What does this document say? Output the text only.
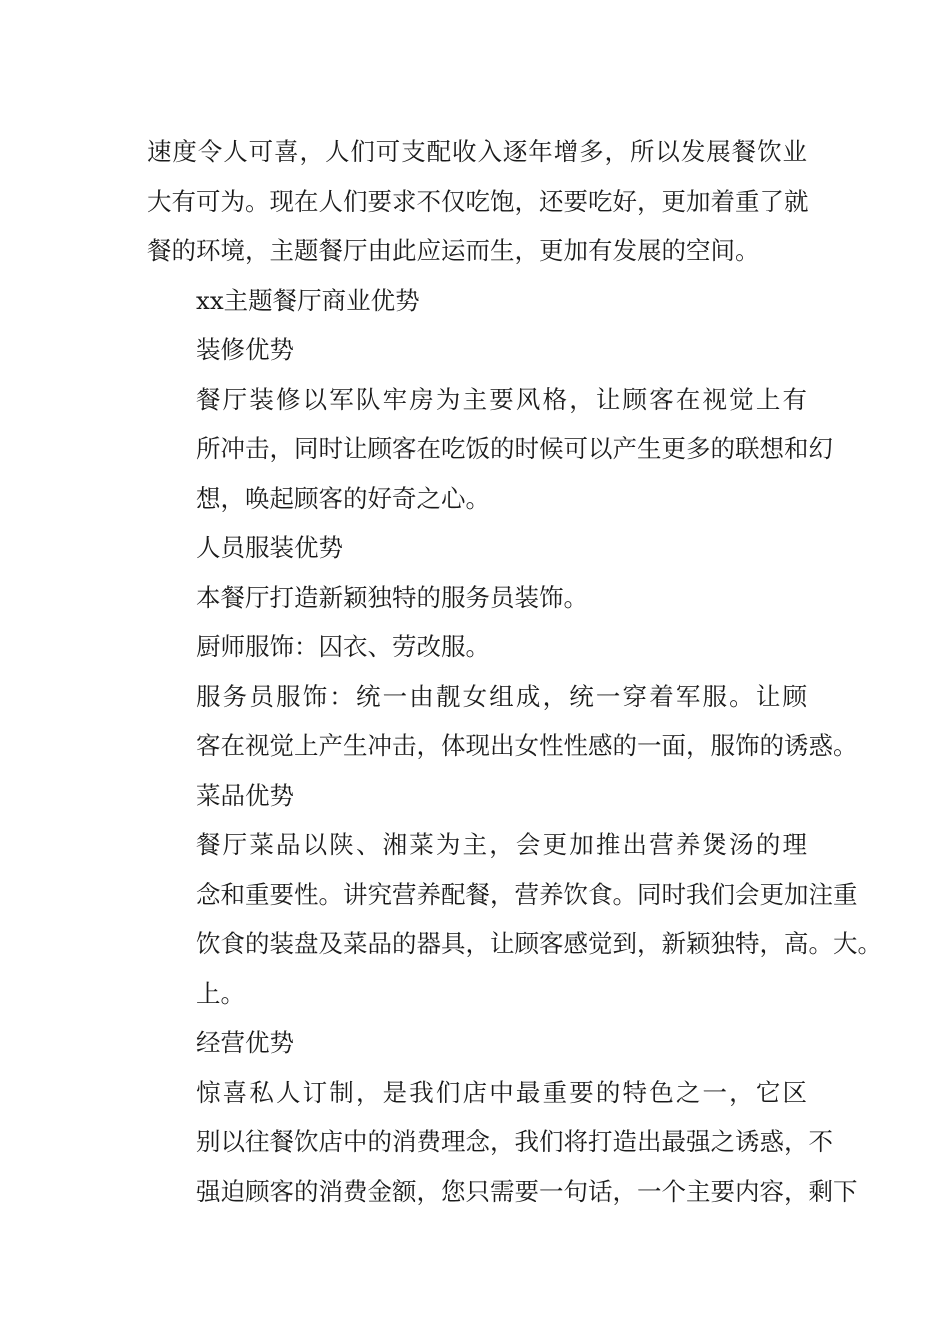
速度令人可喜，人们可支配收入逐年增多，所以发展餐饮业
大有可为。现在人们要求不仅吃饱，还要吃好，更加着重了就
餐的环境，主题餐厅由此应运而生，更加有发展的空间。
xx主题餐厅商业优势
装修优势
餐厅装修以军队牢房为主要风格，让顾客在视觉上有
所冲击，同时让顾客在吃饭的时候可以产生更多的联想和幻
想，唤起顾客的好奇之心。
人员服装优势
本餐厅打造新颖独特的服务员装饰。
厨师服饰：囚衣、劳改服。
服务员服饰：统一由靓女组成，统一穿着军服。让顾
客在视觉上产生冲击，体现出女性性感的一面，服饰的诱惑。
菜品优势
餐厅菜品以陕、湘菜为主，会更加推出营养煲汤的理
念和重要性。讲究营养配餐，营养饮食。同时我们会更加注重
饮食的装盘及菜品的器具，让顾客感觉到，新颖独特，高。大。
上。
经营优势
惊喜私人订制，是我们店中最重要的特色之一，它区
别以往餐饮店中的消费理念，我们将打造出最强之诱惑，不
强迫顾客的消费金额，您只需要一句话，一个主要内容，剩下
